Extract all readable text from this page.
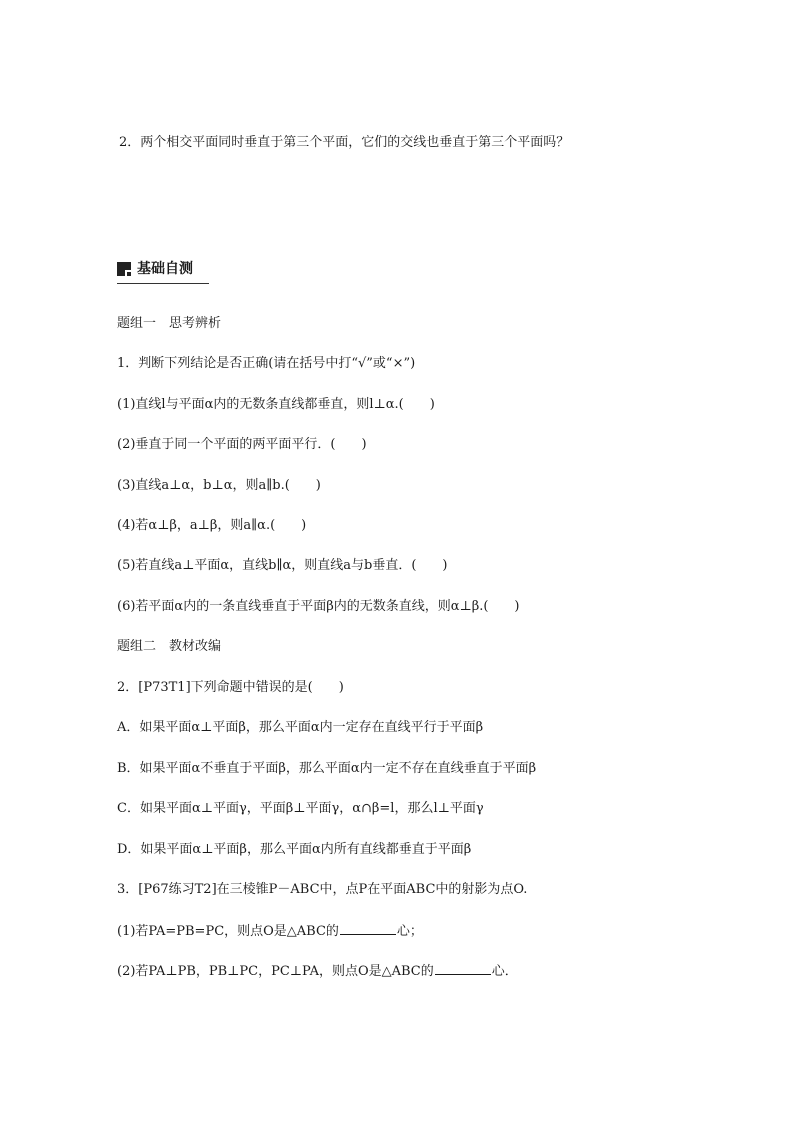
2．两个相交平面同时垂直于第三个平面，它们的交线也垂直于第三个平面吗？
基础自测
题组一　思考辨析
1．判断下列结论是否正确(请在括号中打“√”或“×”)
(1)直线l与平面α内的无数条直线都垂直，则l⊥α.(　　)
(2)垂直于同一个平面的两平面平行．(　　)
(3)直线a⊥α，b⊥α，则a∥b.(　　)
(4)若α⊥β，a⊥β，则a∥α.(　　)
(5)若直线a⊥平面α，直线b∥α，则直线a与b垂直．(　　)
(6)若平面α内的一条直线垂直于平面β内的无数条直线，则α⊥β.(　　)
题组二　教材改编
2．[P73T1]下列命题中错误的是(　　)
A．如果平面α⊥平面β，那么平面α内一定存在直线平行于平面β
B．如果平面α不垂直于平面β，那么平面α内一定不存在直线垂直于平面β
C．如果平面α⊥平面γ，平面β⊥平面γ，α∩β=l，那么l⊥平面γ
D．如果平面α⊥平面β，那么平面α内所有直线都垂直于平面β
3．[P67练习T2]在三棱锥P－ABC中，点P在平面ABC中的射影为点O.
(1)若PA=PB=PC，则点O是△ABC的	心；
(2)若PA⊥PB，PB⊥PC，PC⊥PA，则点O是△ABC的	心．
